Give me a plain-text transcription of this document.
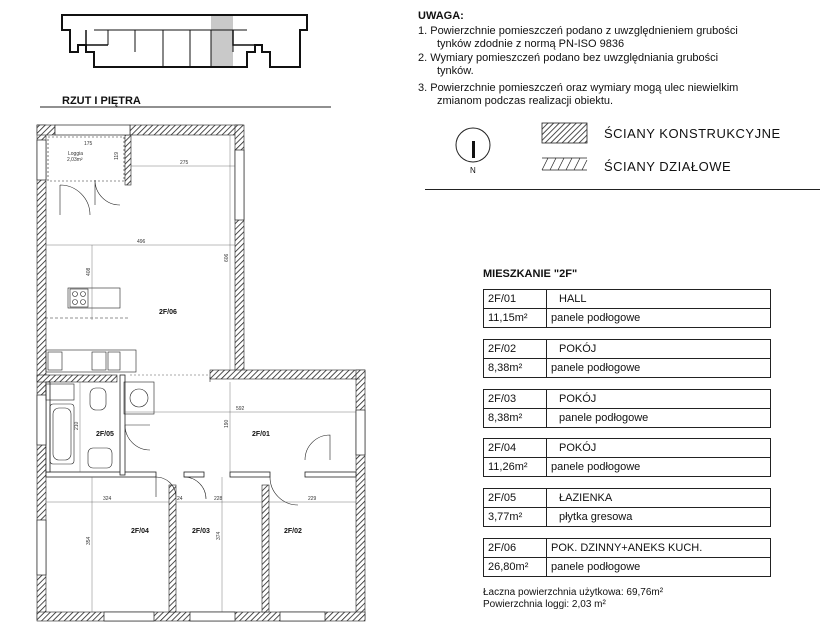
Loggia
2,03m²
175
119
275
496
606
408
592
210	190
324	228	229
354
374
24
2F/06
2F/05	2F/01
2F/04	2F/03	2F/02
RZUT I PIĘTRA
UWAGA:
1. Powierzchnie pomieszczeń podano z uwzględnieniem grubości
tynków zdodnie z normą PN-ISO 9836
2. Wymiary pomieszczeń podano bez uwzględniania grubości
tynków.
3. Powierzchnie pomieszczeń oraz wymiary mogą ulec niewielkim
zmianom podczas realizacji obiektu.
N
ŚCIANY KONSTRUKCYJNE
ŚCIANY DZIAŁOWE
MIESZKANIE "2F"
2F/01	HALL
11,15m²	panele podłogowe
2F/02	POKÓJ
8,38m²	panele podłogowe
2F/03	POKÓJ
8,38m²	panele podłogowe
2F/04	POKÓJ
11,26m²	panele podłogowe
2F/05	ŁAZIENKA
3,77m²	płytka gresowa
2F/06	POK. DZINNY+ANEKS KUCH.
26,80m²	panele podłogowe
Łaczna powierzchnia użytkowa: 69,76m²
Powierzchnia loggi: 2,03 m²
